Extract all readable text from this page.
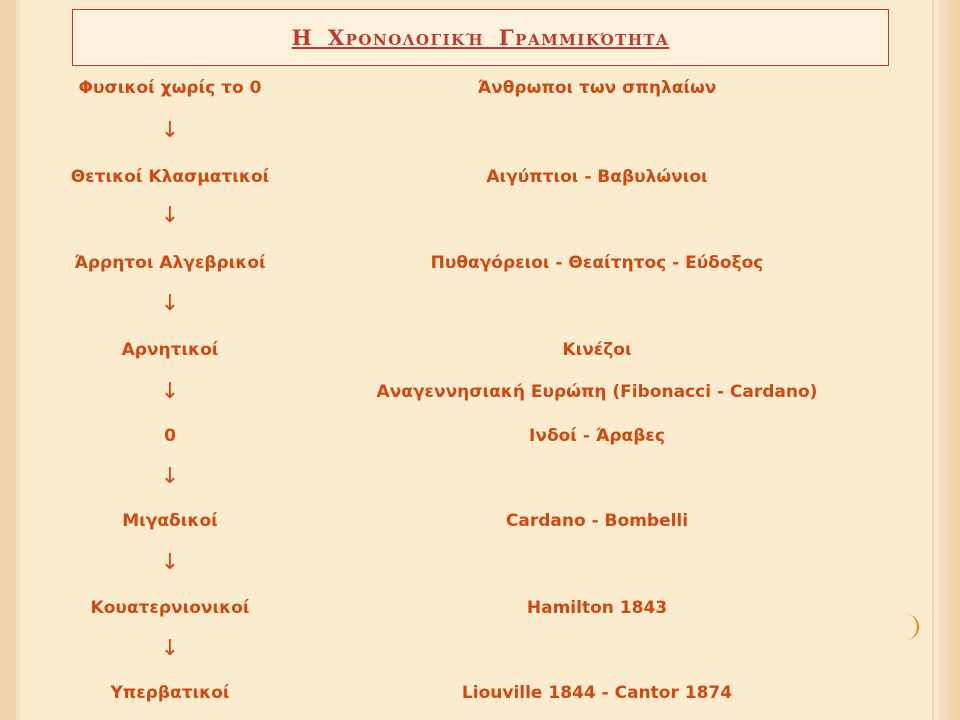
Η Χρονολογική Γραμμικότητα
Φυσικοί χωρίς το 0	Άνθρωποι των σπηλαίων
↓
Θετικοί Κλασματικοί	Αιγύπτιοι - Βαβυλώνιοι
↓
Άρρητοι Αλγεβρικοί	Πυθαγόρειοι - Θεαίτητος - Εύδοξος
↓
Αρνητικοί	Κινέζοι
↓	Αναγεννησιακή Ευρώπη (Fibonacci - Cardano)
0	Ινδοί - Άραβες
↓
Μιγαδικοί	Cardano - Bombelli
↓
Κουατερνιονικοί	Hamilton 1843
↓
Υπερβατικοί	Liouville 1844 - Cantor 1874
